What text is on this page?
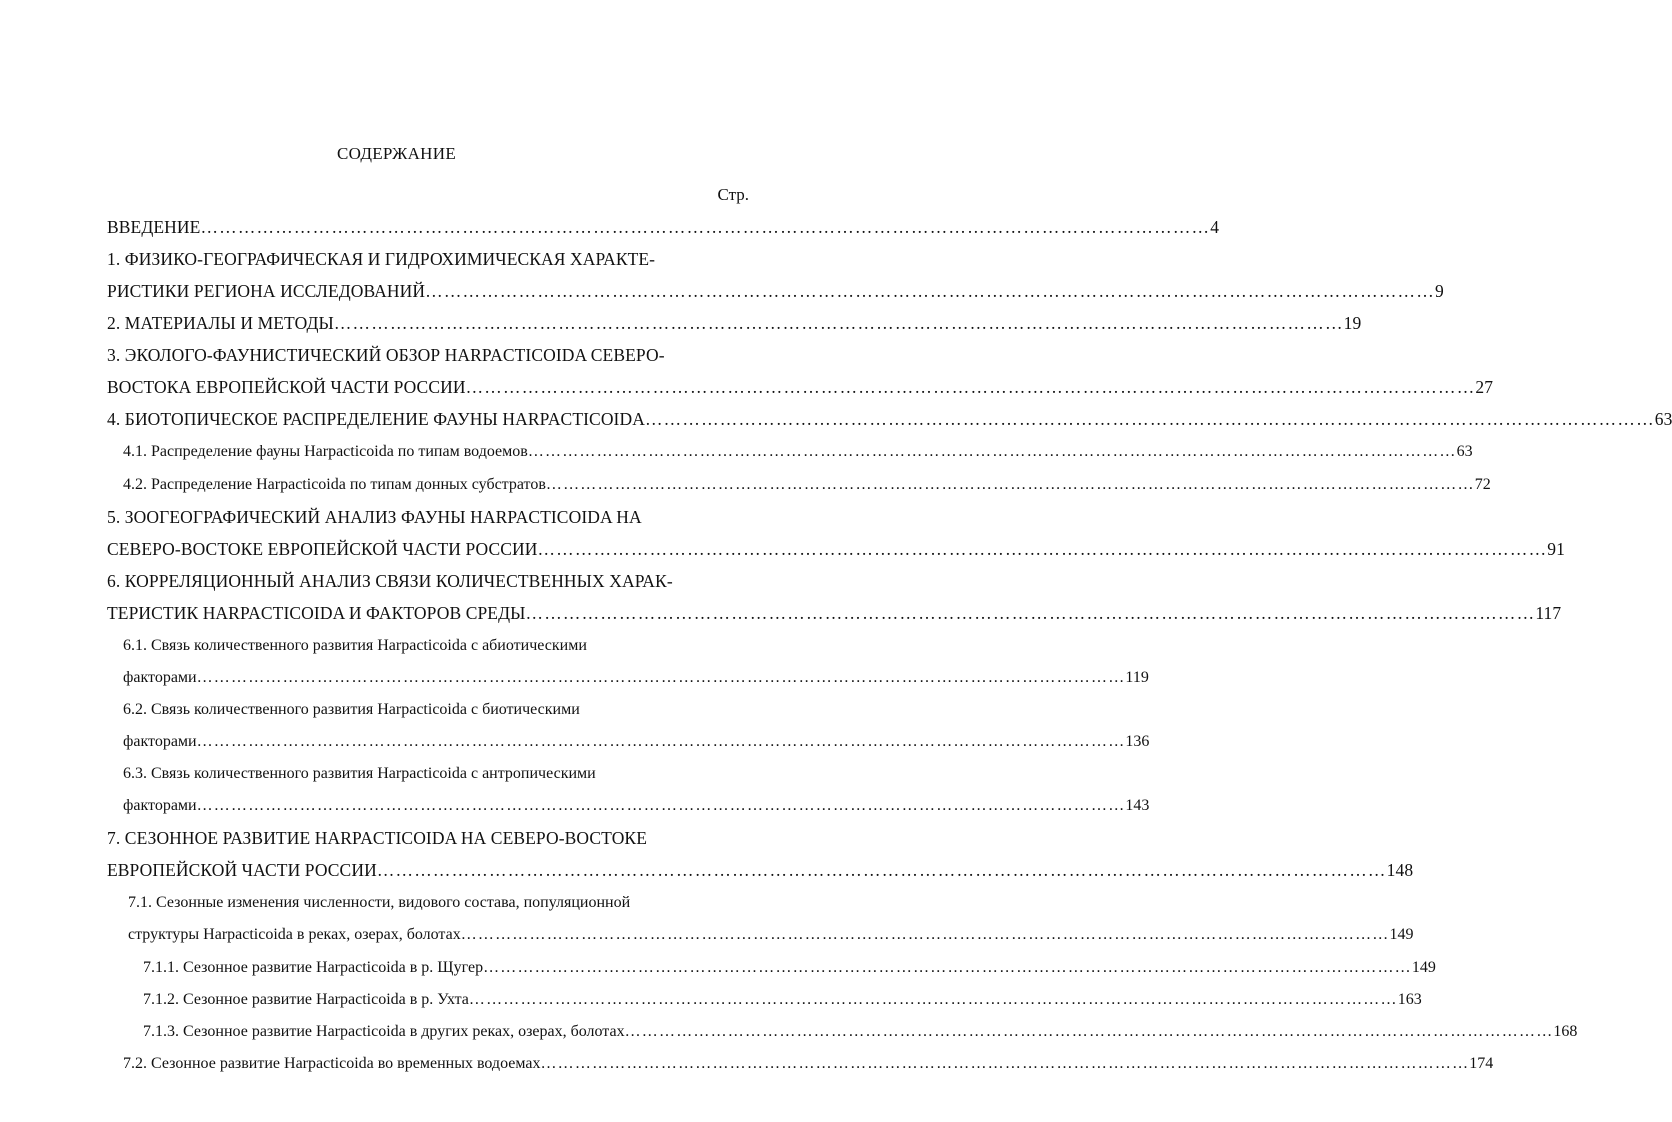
СОДЕРЖАНИЕ
Стр.
ВВЕДЕНИЕ ……………………………………………………………………………………………………………………………………………… 4
1. ФИЗИКО-ГЕОГРАФИЧЕСКАЯ И ГИДРОХИМИЧЕСКАЯ ХАРАКТЕ-
РИСТИКИ РЕГИОНА ИССЛЕДОВАНИЙ ……………………………………………………………………………………………………………………………………………… 9
2. МАТЕРИАЛЫ И МЕТОДЫ ……………………………………………………………………………………………………………………………………………… 19
3. ЭКОЛОГО-ФАУНИСТИЧЕСКИЙ ОБЗОР HARPACTICOIDA СЕВЕРО-
ВОСТОКА ЕВРОПЕЙСКОЙ ЧАСТИ РОССИИ ……………………………………………………………………………………………………………………………………………… 27
4. БИОТОПИЧЕСКОЕ РАСПРЕДЕЛЕНИЕ ФАУНЫ HARPACTICOIDA ……………………………………………………………………………………………………………………………………………… 63
4.1. Распределение фауны Harpacticoida по типам водоемов ……………………………………………………………………………………………………………………………………………… 63
4.2. Распределение Harpacticoida по типам донных субстратов ……………………………………………………………………………………………………………………………………………… 72
5. ЗООГЕОГРАФИЧЕСКИЙ АНАЛИЗ ФАУНЫ HARPACTICOIDA НА
СЕВЕРО-ВОСТОКЕ ЕВРОПЕЙСКОЙ ЧАСТИ РОССИИ ……………………………………………………………………………………………………………………………………………… 91
6. КОРРЕЛЯЦИОННЫЙ АНАЛИЗ СВЯЗИ КОЛИЧЕСТВЕННЫХ ХАРАК-
ТЕРИСТИК HARPACTICOIDA И ФАКТОРОВ СРЕДЫ ……………………………………………………………………………………………………………………………………………… 117
6.1. Связь количественного развития Harpacticoida с абиотическими
факторами ……………………………………………………………………………………………………………………………………………… 119
6.2. Связь количественного развития Harpacticoida с биотическими
факторами ……………………………………………………………………………………………………………………………………………… 136
6.3. Связь количественного развития Harpacticoida с антропическими
факторами ……………………………………………………………………………………………………………………………………………… 143
7. СЕЗОННОЕ РАЗВИТИЕ HARPACTICOIDA НА СЕВЕРО-ВОСТОКЕ
ЕВРОПЕЙСКОЙ ЧАСТИ РОССИИ ……………………………………………………………………………………………………………………………………………… 148
7.1. Сезонные изменения численности, видового состава, популяционной
структуры Harpacticoida в реках, озерах, болотах ……………………………………………………………………………………………………………………………………………… 149
7.1.1. Сезонное развитие Harpacticoida в р. Щугер ……………………………………………………………………………………………………………………………………………… 149
7.1.2. Сезонное развитие Harpacticoida в р. Ухта ……………………………………………………………………………………………………………………………………………… 163
7.1.3. Сезонное развитие Harpacticoida в других реках, озерах, болотах ……………………………………………………………………………………………………………………………………………… 168
7.2. Сезонное развитие Harpacticoida во временных водоемах ……………………………………………………………………………………………………………………………………………… 174
